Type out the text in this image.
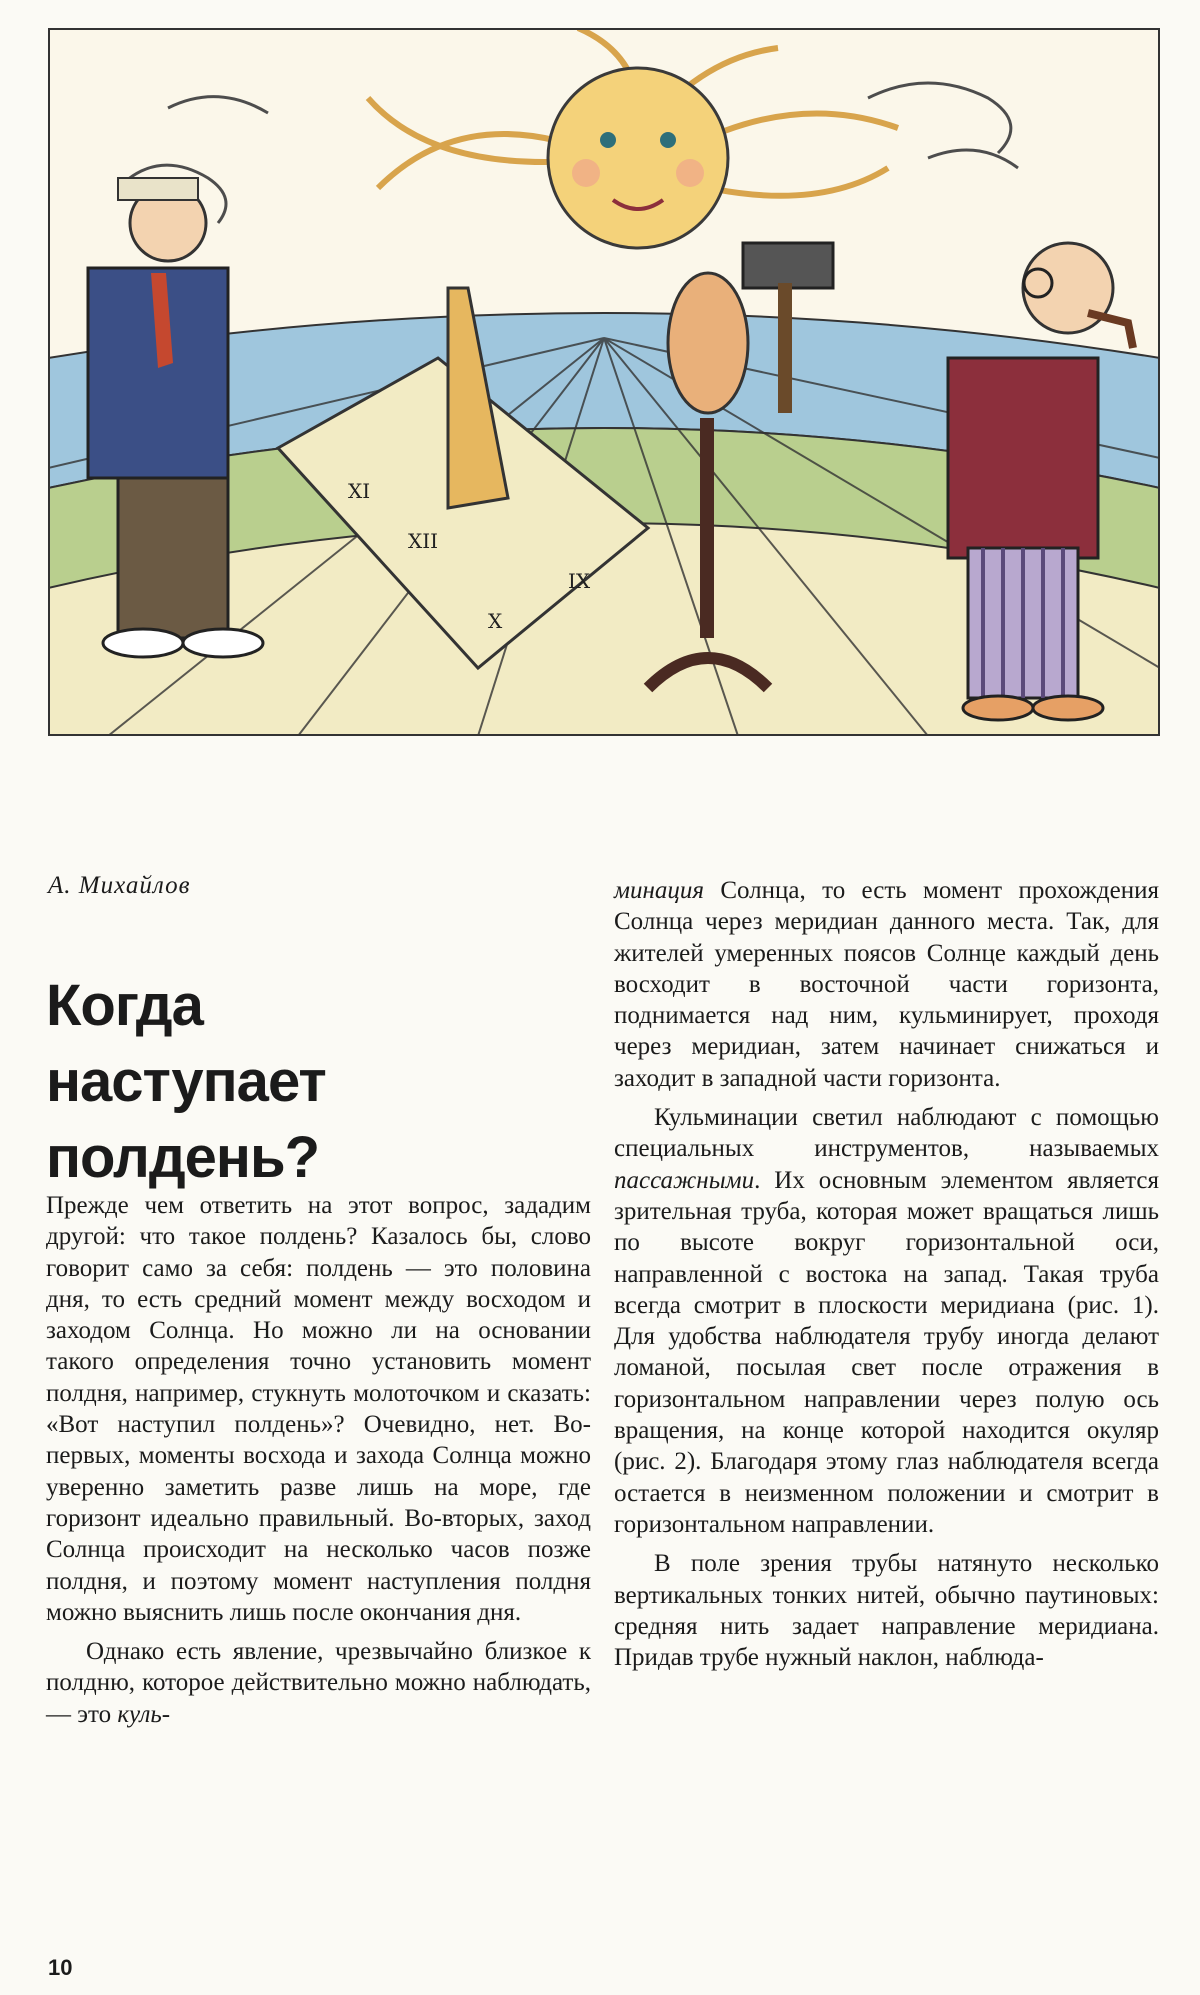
XI
XII
X
IX
А. Михайлов
Когда
наступает полдень?

Прежде чем ответить на этот вопрос, зададим другой: что такое полдень? Казалось бы, слово говорит само за себя: полдень — это половина дня, то есть средний момент между восходом и заходом Солнца. Но можно ли на основании такого определения точно установить момент полдня, например, стукнуть молоточком и сказать: «Вот наступил полдень»? Очевидно, нет. Во-первых, моменты восхода и захода Солнца можно уверенно заметить разве лишь на море, где горизонт идеально правильный. Во-вторых, заход Солнца происходит на несколько часов позже полдня, и поэтому момент наступления полдня можно выяснить лишь после окончания дня.

Однако есть явление, чрезвычайно близкое к полдню, которое действительно можно наблюдать, — это куль-

минация Солнца, то есть момент прохождения Солнца через меридиан данного места. Так, для жителей умеренных поясов Солнце каждый день восходит в восточной части горизонта, поднимается над ним, кульминирует, проходя через меридиан, затем начинает снижаться и заходит в западной части горизонта.

Кульминации светил наблюдают с помощью специальных инструментов, называемых пассажными. Их основным элементом является зрительная труба, которая может вращаться лишь по высоте вокруг горизонтальной оси, направленной с востока на запад. Такая труба всегда смотрит в плоскости меридиана (рис. 1). Для удобства наблюдателя трубу иногда делают ломаной, посылая свет после отражения в горизонтальном направлении через полую ось вращения, на конце которой находится окуляр (рис. 2). Благодаря этому глаз наблюдателя всегда остается в неизменном положении и смотрит в горизонтальном направлении.

В поле зрения трубы натянуто несколько вертикальных тонких нитей, обычно паутиновых: средняя нить задает направление меридиана. Придав трубе нужный наклон, наблюда-

10
